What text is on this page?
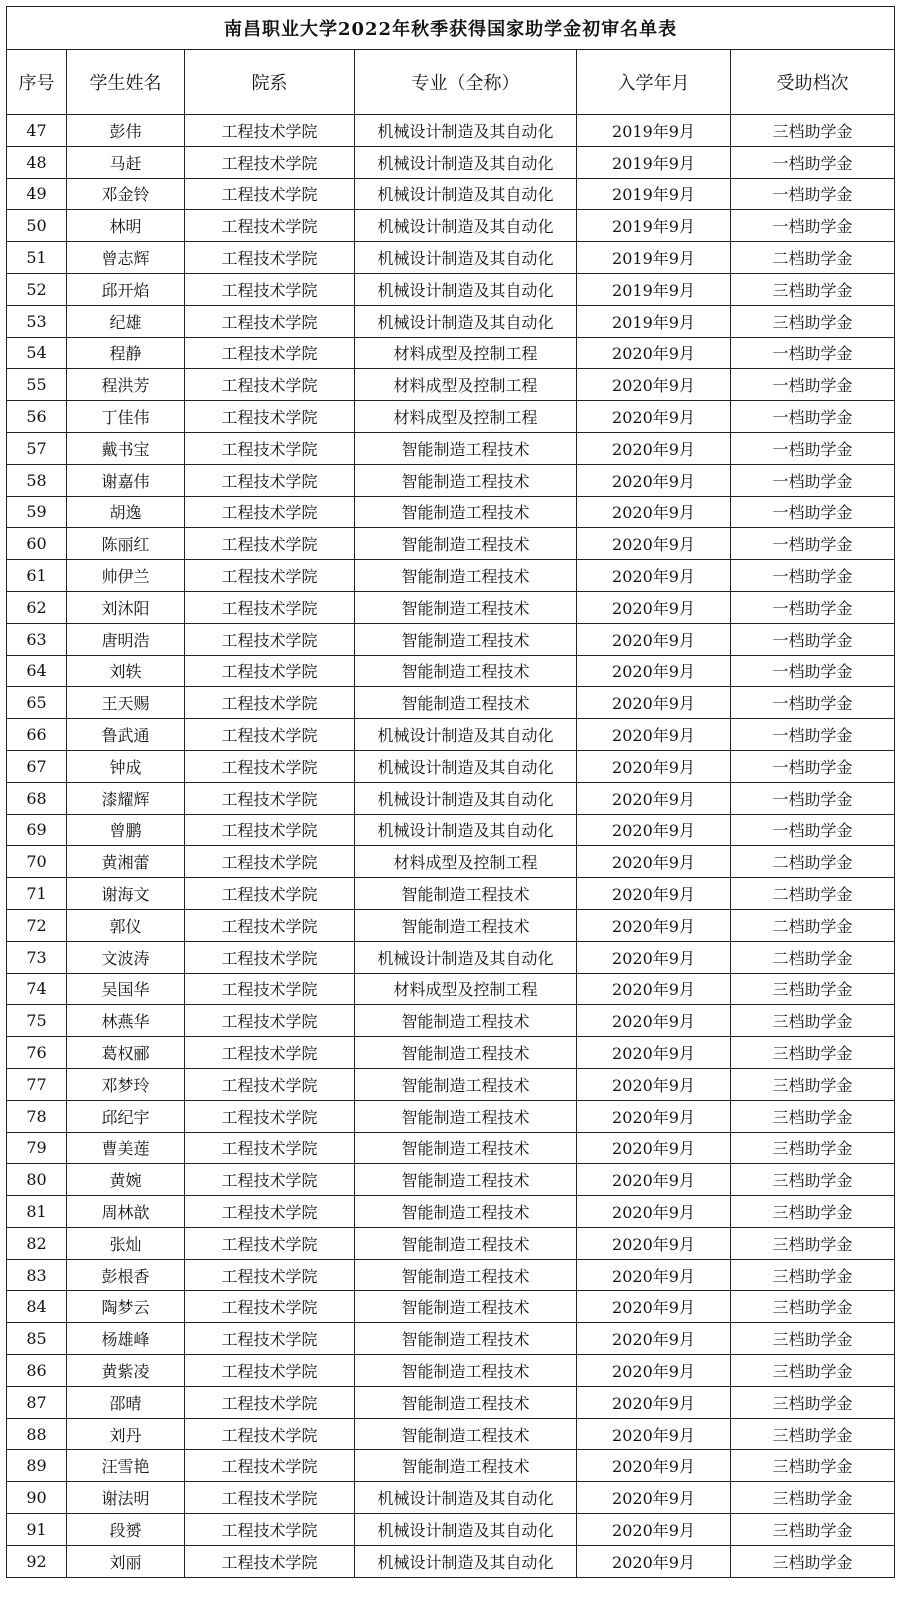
南昌职业大学2022年秋季获得国家助学金初审名单表					
序号	学生姓名	院系	专业（全称）	入学年月	受助档次
47	彭伟	工程技术学院	机械设计制造及其自动化	2019年9月	三档助学金
48	马赶	工程技术学院	机械设计制造及其自动化	2019年9月	一档助学金
49	邓金铃	工程技术学院	机械设计制造及其自动化	2019年9月	一档助学金
50	林明	工程技术学院	机械设计制造及其自动化	2019年9月	一档助学金
51	曾志辉	工程技术学院	机械设计制造及其自动化	2019年9月	二档助学金
52	邱开焰	工程技术学院	机械设计制造及其自动化	2019年9月	三档助学金
53	纪雄	工程技术学院	机械设计制造及其自动化	2019年9月	三档助学金
54	程静	工程技术学院	材料成型及控制工程	2020年9月	一档助学金
55	程洪芳	工程技术学院	材料成型及控制工程	2020年9月	一档助学金
56	丁佳伟	工程技术学院	材料成型及控制工程	2020年9月	一档助学金
57	戴书宝	工程技术学院	智能制造工程技术	2020年9月	一档助学金
58	谢嘉伟	工程技术学院	智能制造工程技术	2020年9月	一档助学金
59	胡逸	工程技术学院	智能制造工程技术	2020年9月	一档助学金
60	陈丽红	工程技术学院	智能制造工程技术	2020年9月	一档助学金
61	帅伊兰	工程技术学院	智能制造工程技术	2020年9月	一档助学金
62	刘沐阳	工程技术学院	智能制造工程技术	2020年9月	一档助学金
63	唐明浩	工程技术学院	智能制造工程技术	2020年9月	一档助学金
64	刘轶	工程技术学院	智能制造工程技术	2020年9月	一档助学金
65	王天赐	工程技术学院	智能制造工程技术	2020年9月	一档助学金
66	鲁武通	工程技术学院	机械设计制造及其自动化	2020年9月	一档助学金
67	钟成	工程技术学院	机械设计制造及其自动化	2020年9月	一档助学金
68	漆耀辉	工程技术学院	机械设计制造及其自动化	2020年9月	一档助学金
69	曾鹏	工程技术学院	机械设计制造及其自动化	2020年9月	一档助学金
70	黄湘蕾	工程技术学院	材料成型及控制工程	2020年9月	二档助学金
71	谢海文	工程技术学院	智能制造工程技术	2020年9月	二档助学金
72	郭仪	工程技术学院	智能制造工程技术	2020年9月	二档助学金
73	文波涛	工程技术学院	机械设计制造及其自动化	2020年9月	二档助学金
74	吴国华	工程技术学院	材料成型及控制工程	2020年9月	三档助学金
75	林燕华	工程技术学院	智能制造工程技术	2020年9月	三档助学金
76	葛权郦	工程技术学院	智能制造工程技术	2020年9月	三档助学金
77	邓梦玲	工程技术学院	智能制造工程技术	2020年9月	三档助学金
78	邱纪宇	工程技术学院	智能制造工程技术	2020年9月	三档助学金
79	曹美莲	工程技术学院	智能制造工程技术	2020年9月	三档助学金
80	黄婉	工程技术学院	智能制造工程技术	2020年9月	三档助学金
81	周林歆	工程技术学院	智能制造工程技术	2020年9月	三档助学金
82	张灿	工程技术学院	智能制造工程技术	2020年9月	三档助学金
83	彭根香	工程技术学院	智能制造工程技术	2020年9月	三档助学金
84	陶梦云	工程技术学院	智能制造工程技术	2020年9月	三档助学金
85	杨雄峰	工程技术学院	智能制造工程技术	2020年9月	三档助学金
86	黄紫凌	工程技术学院	智能制造工程技术	2020年9月	三档助学金
87	邵晴	工程技术学院	智能制造工程技术	2020年9月	三档助学金
88	刘丹	工程技术学院	智能制造工程技术	2020年9月	三档助学金
89	汪雪艳	工程技术学院	智能制造工程技术	2020年9月	三档助学金
90	谢法明	工程技术学院	机械设计制造及其自动化	2020年9月	三档助学金
91	段赟	工程技术学院	机械设计制造及其自动化	2020年9月	三档助学金
92	刘丽	工程技术学院	机械设计制造及其自动化	2020年9月	三档助学金
